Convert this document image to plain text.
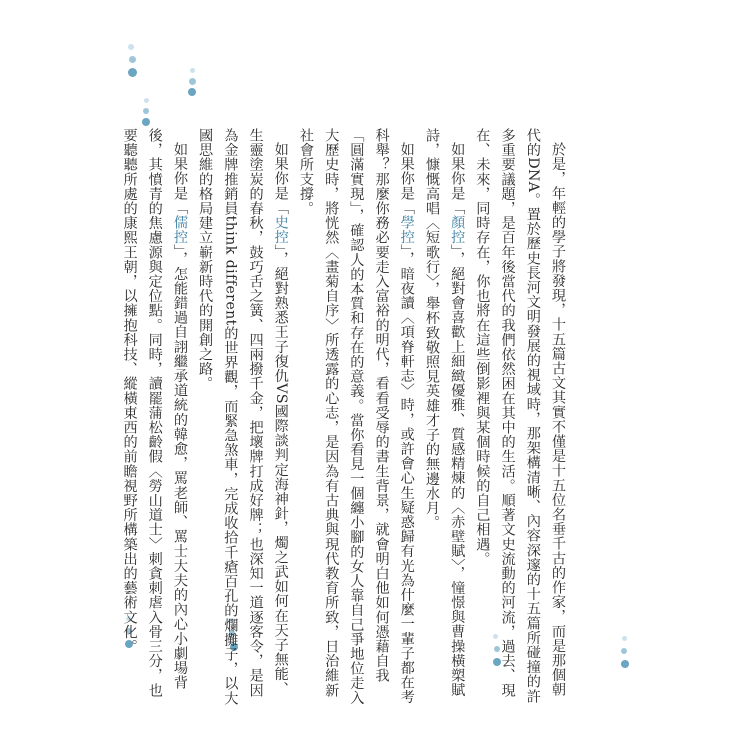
於是，年輕的學子將發現，十五篇古文其實不僅是十五位名垂千古的作家，而是那個朝代的DNA。置於歷史長河文明發展的視域時，那架構清晰、內容深邃的十五篇所碰撞的許多重要議題，是百年後當代的我們依然困在其中的生活。順著文史流動的河流，過去、現在、未來，同時存在，你也將在這些倒影裡與某個時候的自己相遇。

如果你是「顏控」，絕對會喜歡上細緻優雅、質感精煉的〈赤壁賦〉，憧憬與曹操橫槊賦詩，慷慨高唱〈短歌行〉，舉杯致敬照見英雄才子的無邊水月。

如果你是「學控」，暗夜讀〈項脊軒志〉時，或許會心生疑惑歸有光為什麼一輩子都在考科舉？那麼你務必要走入富裕的明代，看看受辱的書生背景，就會明白他如何憑藉自我「圓滿實現」，確認人的本質和存在的意義。當你看見一個纏小腳的女人靠自己爭地位走入大歷史時，將恍然〈畫菊自序〉所透露的心志，是因為有古典與現代教育所致，日治維新社會所支撐。

如果你是「史控」，絕對熟悉王子復仇VS國際談判定海神針，燭之武如何在天子無能、生靈塗炭的春秋，鼓巧舌之簧、四兩撥千金，把壞牌打成好牌；也深知一道逐客令，是因為金牌推銷員think different的世界觀，而緊急煞車，完成收拾千瘡百孔的爛攤子，以大國思維的格局建立嶄新時代的開創之路。

如果你是「儒控」，怎能錯過自詡繼承道統的韓愈，罵老師、罵士大夫的內心小劇場背後，其憤青的焦慮源與定位點。同時，讀罷蒲松齡假〈勞山道士〉刺貪刺虐入骨三分，也要聽聽所處的康熙王朝，以擁抱科技、縱橫東西的前瞻視野所構築出的藝術文化。
